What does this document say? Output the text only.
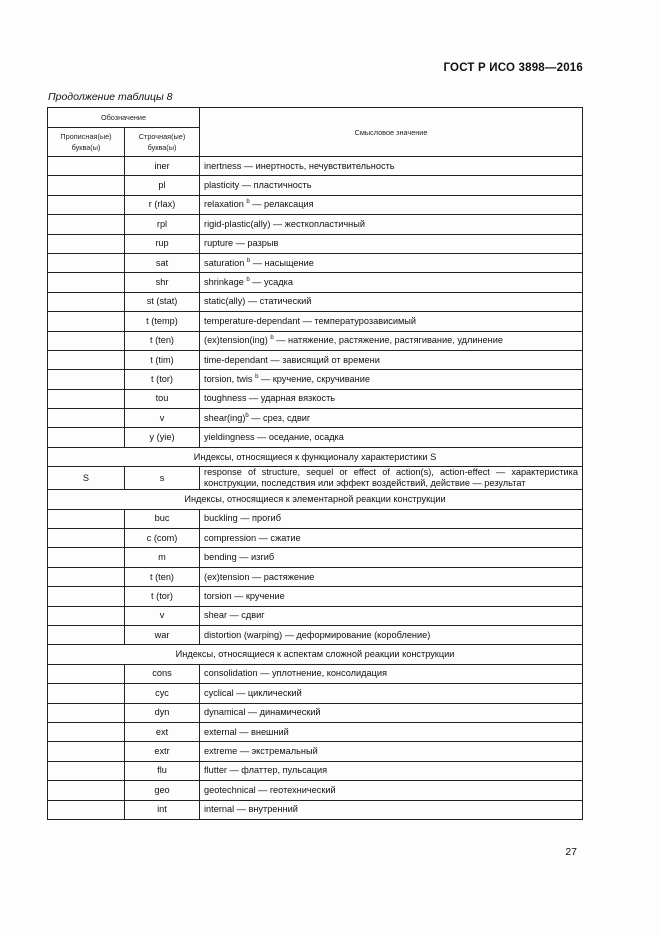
ГОСТ Р ИСО 3898—2016
Продолжение таблицы 8
Обозначение		Смысловое значение
Прописная(ые) буква(ы)	Строчная(ые) буква(ы)	
	iner	inertness — инертность, нечувствительность
	pl	plasticity — пластичность
	r (rlax)	relaxation $^b$ — релаксация
	rpl	rigid-plastic(ally) — жесткопластичный
	rup	rupture — разрыв
	sat	saturation $^b$ — насыщение
	shr	shrinkage $^b$ — усадка
	st (stat)	static(ally) — статический
	t (temp)	temperature-dependant — температурозависимый
	t (ten)	(ex)tension(ing) $^b$ — натяжение, растяжение, растягивание, удлинение
	t (tim)	time-dependant — зависящий от времени
	t (tor)	torsion, twis $^b$ — кручение, скручивание
	tou	toughness — ударная вязкость
	v	shear(ing)$^b$ — срез, сдвиг
	y (yie)	yieldingness — оседание, осадка
Индексы, относящиеся к функционалу характеристики S		
S	s	response of structure, sequel or effect of action(s), action-effect — характеристика конструкции, последствия или эффект воздействий, действие — результат
Индексы, относящиеся к элементарной реакции конструкции		
	buc	buckling — прогиб
	c (com)	compression — сжатие
	m	bending — изгиб
	t (ten)	(ex)tension — растяжение
	t (tor)	torsion — кручение
	v	shear — сдвиг
	war	distortion (warping) — деформирование (коробление)
Индексы, относящиеся к аспектам сложной реакции конструкции		
	cons	consolidation — уплотнение, консолидация
	cyc	cyclical — циклический
	dyn	dynamical — динамический
	ext	external — внешний
	extr	extreme — экстремальный
	flu	flutter — флаттер, пульсация
	geo	geotechnical — геотехнический
	int	internal — внутренний
27
